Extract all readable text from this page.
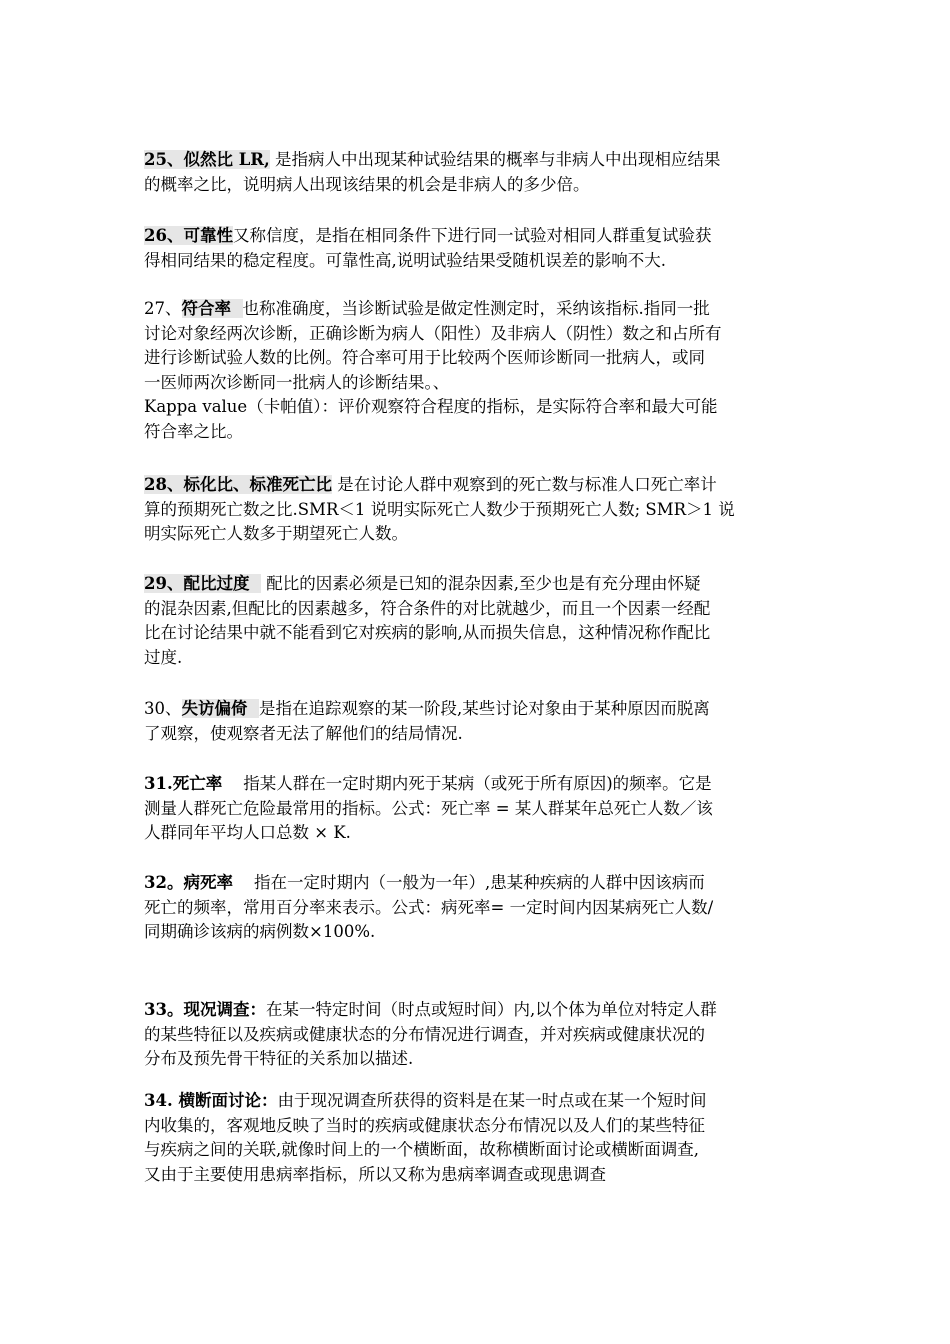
25、似然比 LR, 是指病人中出现某种试验结果的概率与非病人中出现相应结果
的概率之比，说明病人出现该结果的机会是非病人的多少倍。
26、可靠性又称信度，是指在相同条件下进行同一试验对相同人群重复试验获
得相同结果的稳定程度。可靠性高,说明试验结果受随机误差的影响不大.
27、符合率  也称准确度，当诊断试验是做定性测定时，采纳该指标.指同一批
讨论对象经两次诊断，正确诊断为病人（阳性）及非病人（阴性）数之和占所有
进行诊断试验人数的比例。符合率可用于比较两个医师诊断同一批病人，或同
一医师两次诊断同一批病人的诊断结果。、
Kappa value（卡帕值）：评价观察符合程度的指标，是实际符合率和最大可能
符合率之比。
28、标化比、标准死亡比 是在讨论人群中观察到的死亡数与标准人口死亡率计
算的预期死亡数之比.SMR＜1 说明实际死亡人数少于预期死亡人数; SMR＞1 说
明实际死亡人数多于期望死亡人数。
29、配比过度   配比的因素必须是已知的混杂因素,至少也是有充分理由怀疑
的混杂因素,但配比的因素越多，符合条件的对比就越少，而且一个因素一经配
比在讨论结果中就不能看到它对疾病的影响,从而损失信息，这种情况称作配比
过度.
30、失访偏倚  是指在追踪观察的某一阶段,某些讨论对象由于某种原因而脱离
了观察，使观察者无法了解他们的结局情况.
31.死亡率    指某人群在一定时期内死于某病（或死于所有原因)的频率。它是
测量人群死亡危险最常用的指标。公式：死亡率 = 某人群某年总死亡人数／该
人群同年平均人口总数 × K.
32。病死率    指在一定时期内（一般为一年）,患某种疾病的人群中因该病而
死亡的频率，常用百分率来表示。公式：病死率= 一定时间内因某病死亡人数/
同期确诊该病的病例数×100%.
33。现况调查：在某一特定时间（时点或短时间）内,以个体为单位对特定人群
的某些特征以及疾病或健康状态的分布情况进行调查，并对疾病或健康状况的
分布及预先骨干特征的关系加以描述.
34. 横断面讨论：由于现况调查所获得的资料是在某一时点或在某一个短时间
内收集的，客观地反映了当时的疾病或健康状态分布情况以及人们的某些特征
与疾病之间的关联,就像时间上的一个横断面，故称横断面讨论或横断面调查,
又由于主要使用患病率指标，所以又称为患病率调查或现患调查
